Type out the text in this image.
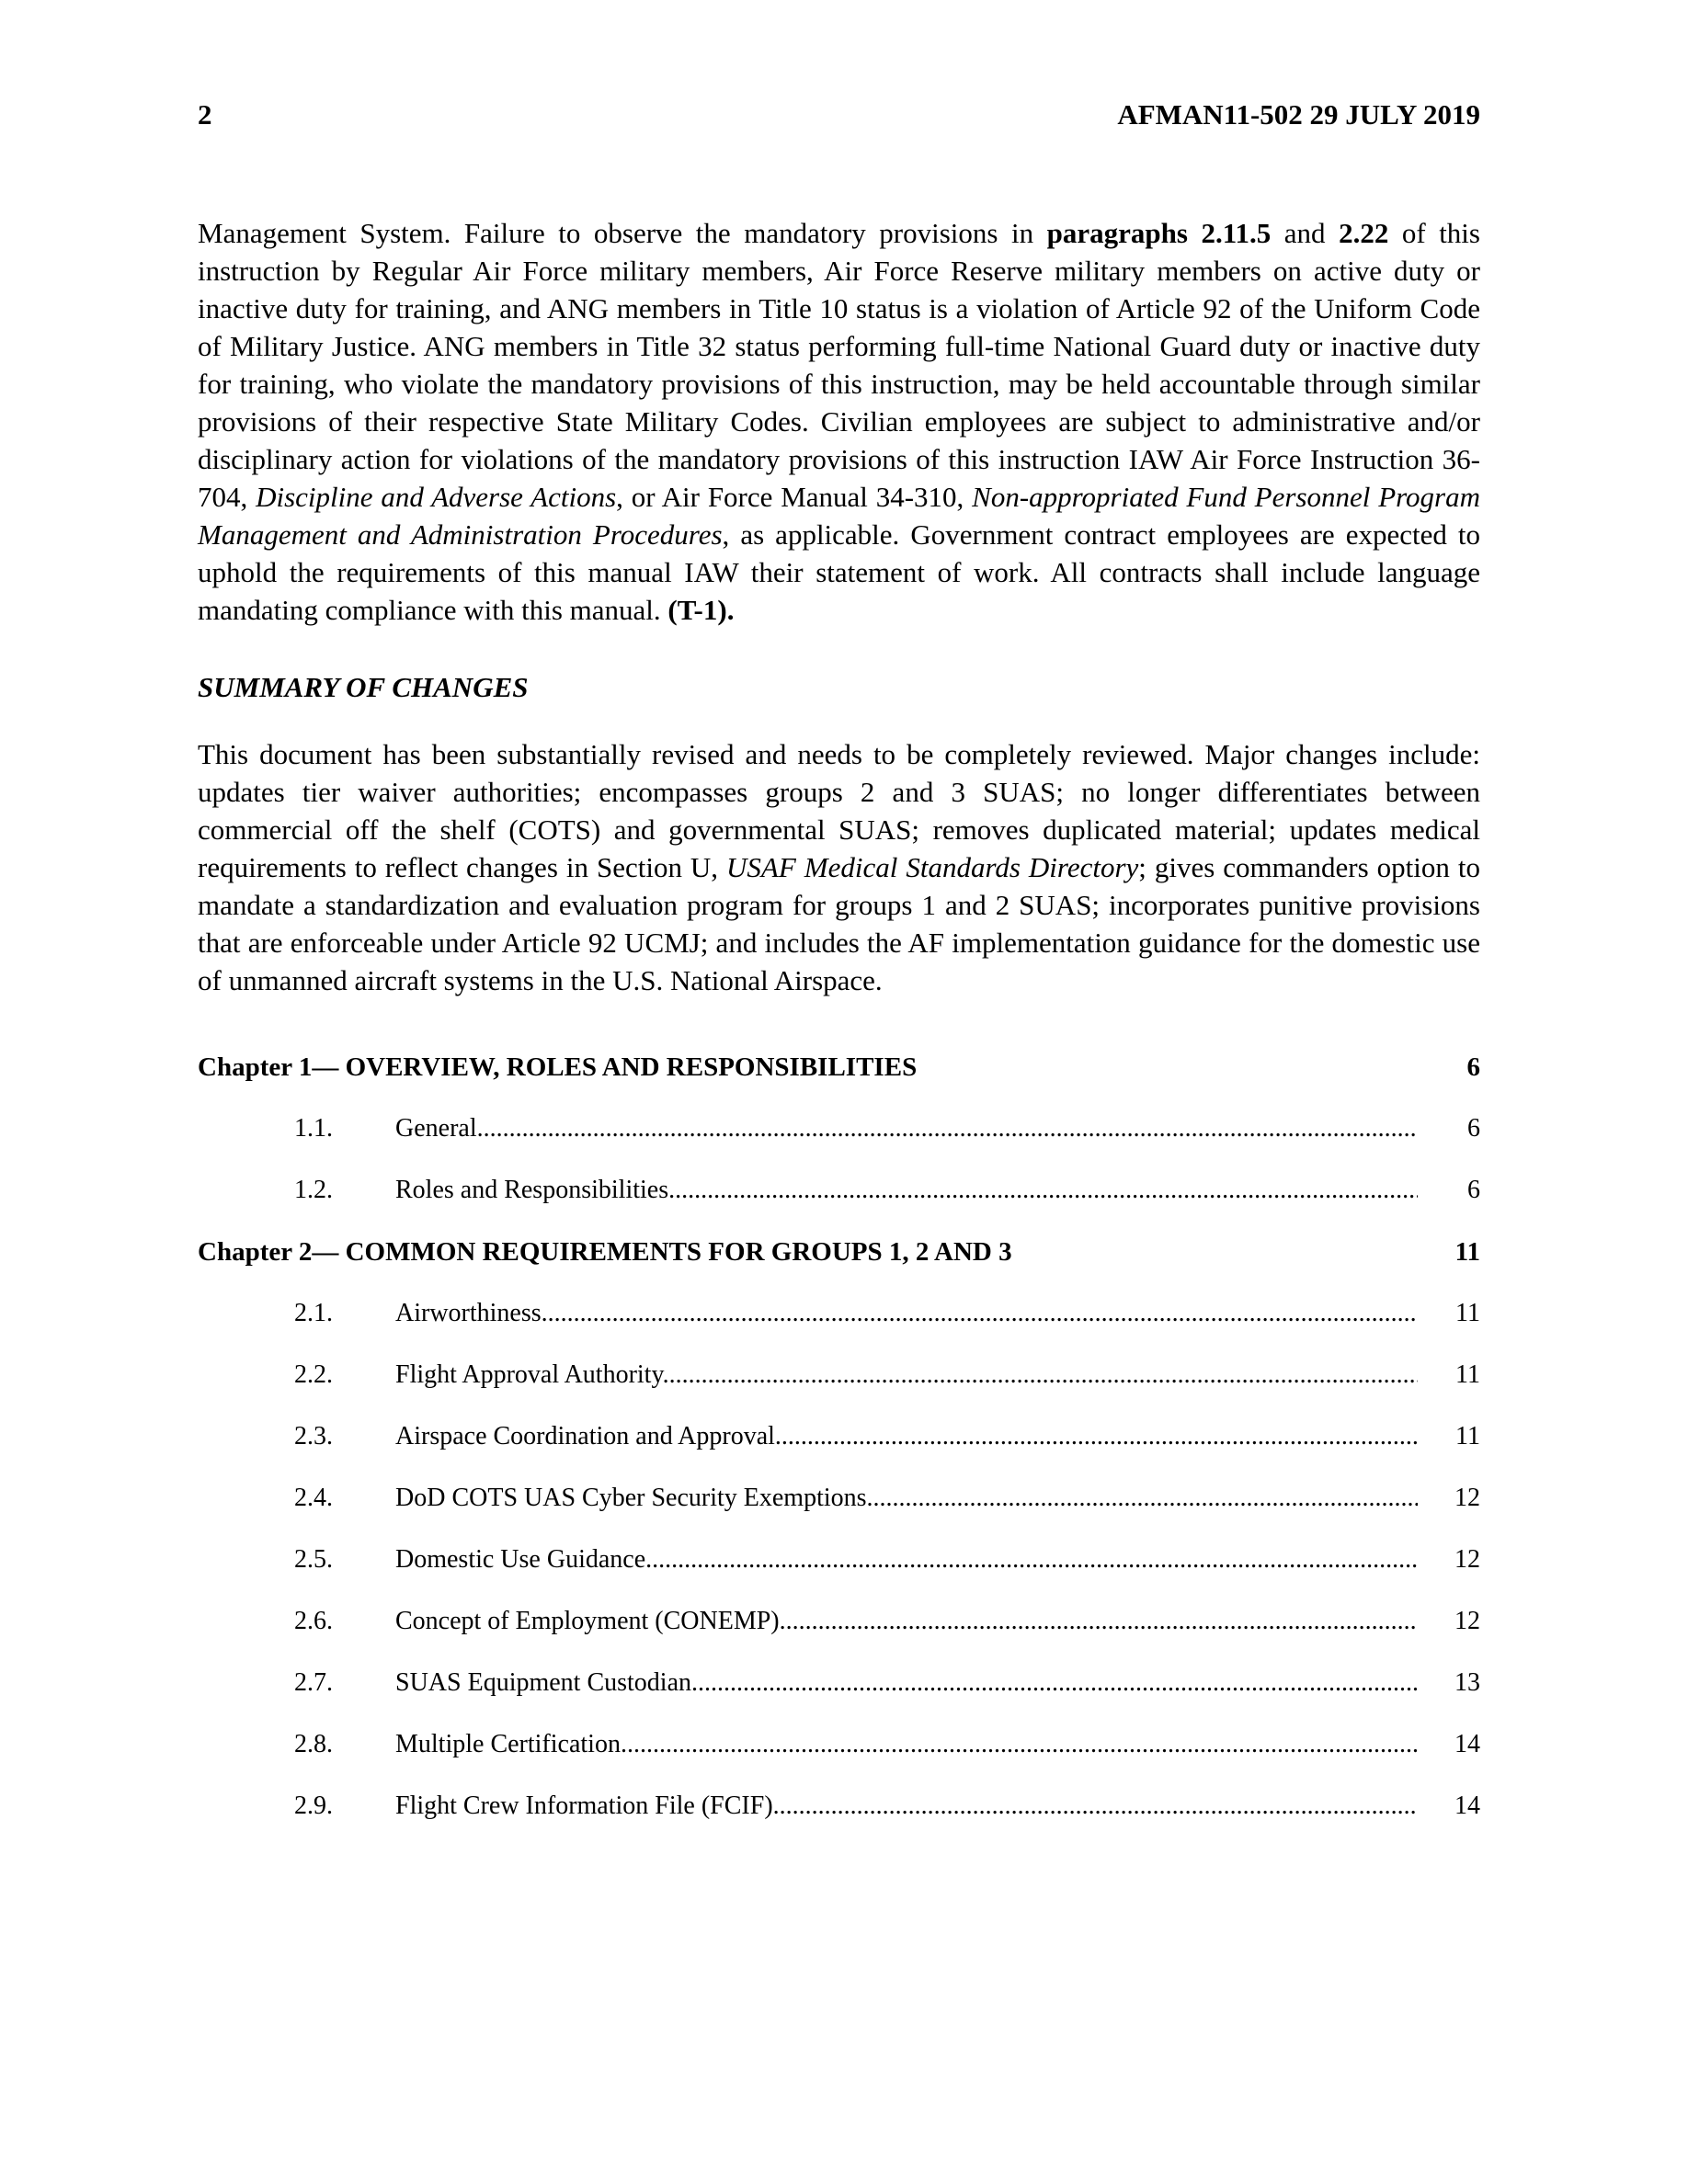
2	AFMAN11-502 29 JULY 2019
Management System. Failure to observe the mandatory provisions in paragraphs 2.11.5 and 2.22 of this instruction by Regular Air Force military members, Air Force Reserve military members on active duty or inactive duty for training, and ANG members in Title 10 status is a violation of Article 92 of the Uniform Code of Military Justice. ANG members in Title 32 status performing full-time National Guard duty or inactive duty for training, who violate the mandatory provisions of this instruction, may be held accountable through similar provisions of their respective State Military Codes. Civilian employees are subject to administrative and/or disciplinary action for violations of the mandatory provisions of this instruction IAW Air Force Instruction 36-704, Discipline and Adverse Actions, or Air Force Manual 34-310, Non-appropriated Fund Personnel Program Management and Administration Procedures, as applicable. Government contract employees are expected to uphold the requirements of this manual IAW their statement of work. All contracts shall include language mandating compliance with this manual. (T-1).
SUMMARY OF CHANGES
This document has been substantially revised and needs to be completely reviewed. Major changes include: updates tier waiver authorities; encompasses groups 2 and 3 SUAS; no longer differentiates between commercial off the shelf (COTS) and governmental SUAS; removes duplicated material; updates medical requirements to reflect changes in Section U, USAF Medical Standards Directory; gives commanders option to mandate a standardization and evaluation program for groups 1 and 2 SUAS; incorporates punitive provisions that are enforceable under Article 92 UCMJ; and includes the AF implementation guidance for the domestic use of unmanned aircraft systems in the U.S. National Airspace.
Chapter 1— OVERVIEW, ROLES AND RESPONSIBILITIES	6
1.1.	General. .....	6
1.2.	Roles and Responsibilities. .....	6
Chapter 2— COMMON REQUIREMENTS FOR GROUPS 1, 2 AND 3	11
2.1.	Airworthiness. .....	11
2.2.	Flight Approval Authority. .....	11
2.3.	Airspace Coordination and Approval. .....	11
2.4.	DoD COTS UAS Cyber Security Exemptions. .....	12
2.5.	Domestic Use Guidance. .....	12
2.6.	Concept of Employment (CONEMP). .....	12
2.7.	SUAS Equipment Custodian. .....	13
2.8.	Multiple Certification. .....	14
2.9.	Flight Crew Information File (FCIF). .....	14
